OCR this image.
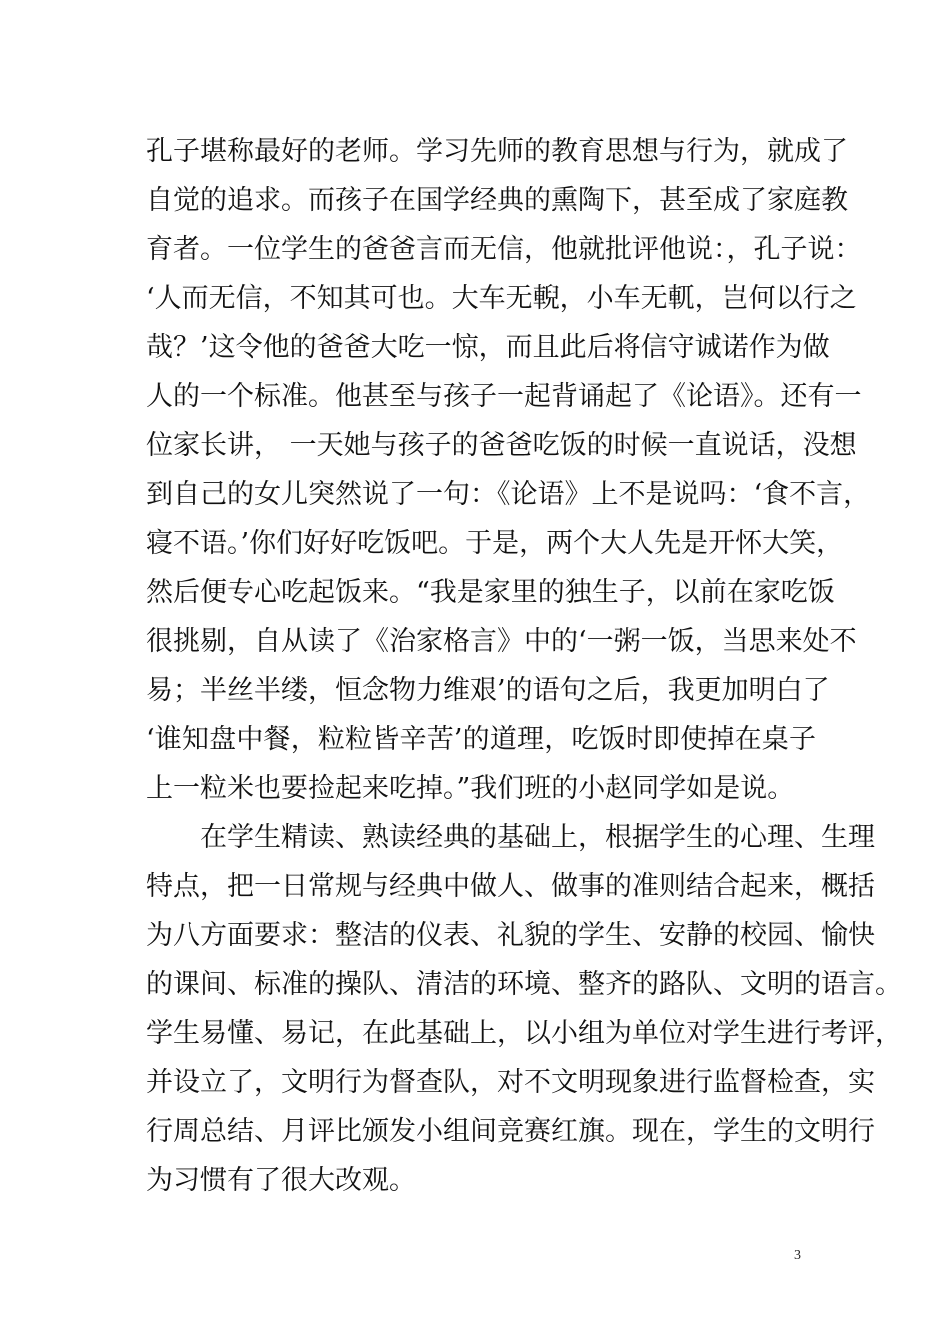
孔子堪称最好的老师。学习先师的教育思想与行为，就成了
自觉的追求。而孩子在国学经典的熏陶下，甚至成了家庭教
育者。一位学生的爸爸言而无信，他就批评他说：，孔子说：
‘人而无信，不知其可也。大车无輗，小车无軏，岂何以行之
哉？’这令他的爸爸大吃一惊，而且此后将信守诚诺作为做
人的一个标准。他甚至与孩子一起背诵起了《论语》。还有一
位家长讲， 一天她与孩子的爸爸吃饭的时候一直说话，没想
到自己的女儿突然说了一句：《论语》上不是说吗：‘食不言，
寝不语。’你们好好吃饭吧。于是，两个大人先是开怀大笑，
然后便专心吃起饭来。“我是家里的独生子，以前在家吃饭
很挑剔，自从读了《治家格言》中的‘一粥一饭，当思来处不
易；半丝半缕，恒念物力维艰’的语句之后，我更加明白了
‘谁知盘中餐，粒粒皆辛苦’的道理，吃饭时即使掉在桌子
上一粒米也要捡起来吃掉。”我们班的小赵同学如是说。
在学生精读、熟读经典的基础上，根据学生的心理、生理
特点，把一日常规与经典中做人、做事的准则结合起来，概括
为八方面要求：整洁的仪表、礼貌的学生、安静的校园、愉快
的课间、标准的操队、清洁的环境、整齐的路队、文明的语言。
学生易懂、易记，在此基础上，以小组为单位对学生进行考评，
并设立了，文明行为督查队，对不文明现象进行监督检查，实
行周总结、月评比颁发小组间竞赛红旗。现在，学生的文明行
为习惯有了很大改观。
3
